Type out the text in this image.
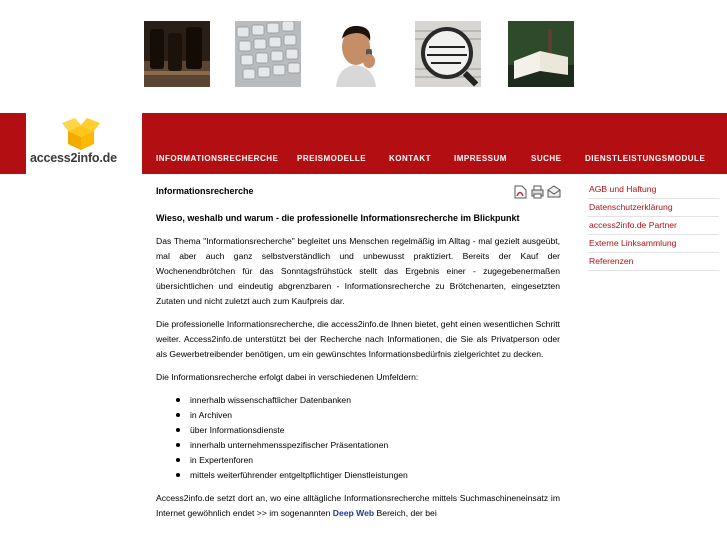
access2info.de	INFORMATIONSRECHERCHE PREISMODELLE	KONTAKT	IMPRESSUM	SUCHE	DIENSTLEISTUNGSMODULE
Informationsrecherche
Wieso, weshalb und warum - die professionelle Informationsrecherche im Blickpunkt

Das Thema "Informationsrecherche" begleitet uns Menschen regelmäßig im Alltag - mal gezielt ausgeübt, mal aber auch ganz selbstverständlich und unbewusst praktiziert. Bereits der Kauf der Wochenendbrötchen für das Sonntagsfrühstück stellt das Ergebnis einer - zugegebenermaßen übersichtlichen und eindeutig abgrenzbaren - Informationsrecherche zu Brötchenarten, eingesetzten Zutaten und nicht zuletzt auch zum Kaufpreis dar.

Die professionelle Informationsrecherche, die access2info.de Ihnen bietet, geht einen wesentlichen Schritt weiter. Access2info.de unterstützt bei der Recherche nach Informationen, die Sie als Privatperson oder als Gewerbetreibender benötigen, um ein gewünschtes Informationsbedürfnis zielgerichtet zu decken.

Die Informationsrecherche erfolgt dabei in verschiedenen Umfeldern:

innerhalb wissenschaftlicher Datenbanken
in Archiven
über Informationsdienste
innerhalb unternehmensspezifischer Präsentationen
in Expertenforen
mittels weiterführender entgeltpflichtiger Dienstleistungen

Access2info.de setzt dort an, wo eine alltägliche Informationsrecherche mittels Suchmaschineneinsatz im Internet gewöhnlich endet >> im sogenannten Deep Web Bereich, der bei

AGB und Haftung
Datenschutzerklärung
access2info.de Partner
Externe Linksammlung
Referenzen
